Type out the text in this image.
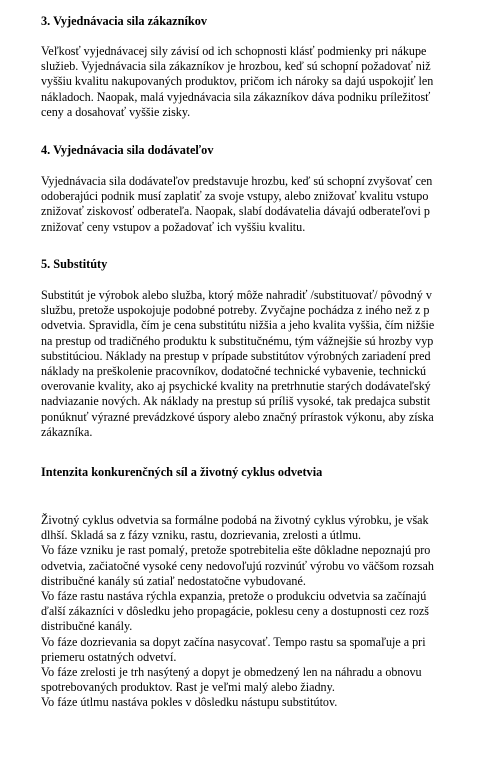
3. Vyjednávacia sila zákazníkov
Veľkosť vyjednávacej sily závisí od ich schopnosti klásť podmienky pri nákupe
služieb. Vyjednávacia sila zákazníkov je hrozbou, keď sú schopní požadovať niž
vyššiu kvalitu nakupovaných produktov, pričom ich nároky sa dajú uspokojiť len
nákladoch. Naopak, malá vyjednávacia sila zákazníkov dáva podniku príležitosť
ceny a dosahovať vyššie zisky.
4. Vyjednávacia sila dodávateľov
Vyjednávacia sila dodávateľov predstavuje hrozbu, keď sú schopní zvyšovať cen
odoberajúci podnik musí zaplatiť za svoje vstupy, alebo znižovať kvalitu vstupo
znižovať ziskovosť odberateľa. Naopak, slabí dodávatelia dávajú odberateľovi p
znižovať ceny vstupov a požadovať ich vyššiu kvalitu.
5. Substitúty
Substitút je výrobok alebo služba, ktorý môže nahradiť /substituovať/ pôvodný v
službu, pretože uspokojuje podobné potreby. Zvyčajne pochádza z iného než z p
odvetvia. Spravidla, čím je cena substitútu nižšia a jeho kvalita vyššia, čím nižšie
na prestup od tradičného produktu k substitučnému, tým vážnejšie sú hrozby vyp
substitúciou. Náklady na prestup v prípade substitútov výrobných zariadení pred
náklady na preškolenie pracovníkov, dodatočné technické vybavenie, technickú
overovanie kvality, ako aj psychické kvality na pretrhnutie starých dodávateľský
nadviazanie nových. Ak náklady na prestup sú príliš vysoké, tak predajca substit
ponúknuť výrazné prevádzkové úspory alebo značný prírastok výkonu, aby získa
zákazníka.
Intenzita konkurenčných síl a životný cyklus odvetvia
Životný cyklus odvetvia sa formálne podobá na životný cyklus výrobku, je však
dlhší. Skladá sa z fázy vzniku, rastu, dozrievania, zrelosti a útlmu.
Vo fáze vzniku je rast pomalý, pretože spotrebitelia ešte dôkladne nepoznajú pro
odvetvia, začiatočné vysoké ceny nedovoľujú rozvinúť výrobu vo väčšom rozsah
distribučné kanály sú zatiaľ nedostatočne vybudované.
Vo fáze rastu nastáva rýchla expanzia, pretože o produkciu odvetvia sa začínajú
ďalší zákazníci v dôsledku jeho propagácie, poklesu ceny a dostupnosti cez rozš
distribučné kanály.
Vo fáze dozrievania sa dopyt začína nasycovať. Tempo rastu sa spomaľuje a pri
priemeru ostatných odvetví.
Vo fáze zrelosti je trh nasýtený a dopyt je obmedzený len na náhradu a obnovu
spotrebovaných produktov. Rast je veľmi malý alebo žiadny.
Vo fáze útlmu nastáva pokles v dôsledku nástupu substitútov.
